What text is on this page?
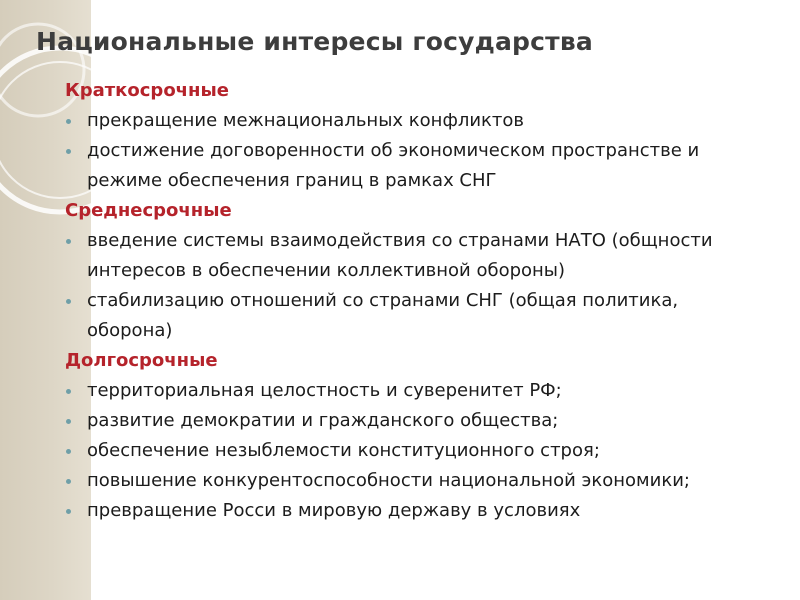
Национальные интересы государства
Краткосрочные
прекращение межнациональных конфликтов
достижение договоренности об экономическом пространстве и режиме обеспечения границ в рамках СНГ
Среднесрочные
введение системы взаимодействия со странами НАТО (общности интересов в обеспечении коллективной обороны)
стабилизацию отношений со странами СНГ (общая политика, оборона)
Долгосрочные
территориальная целостность и суверенитет РФ;
развитие демократии и гражданского общества;
обеспечение незыблемости конституционного строя;
повышение конкурентоспособности национальной экономики;
превращение Росси в мировую державу в условиях
